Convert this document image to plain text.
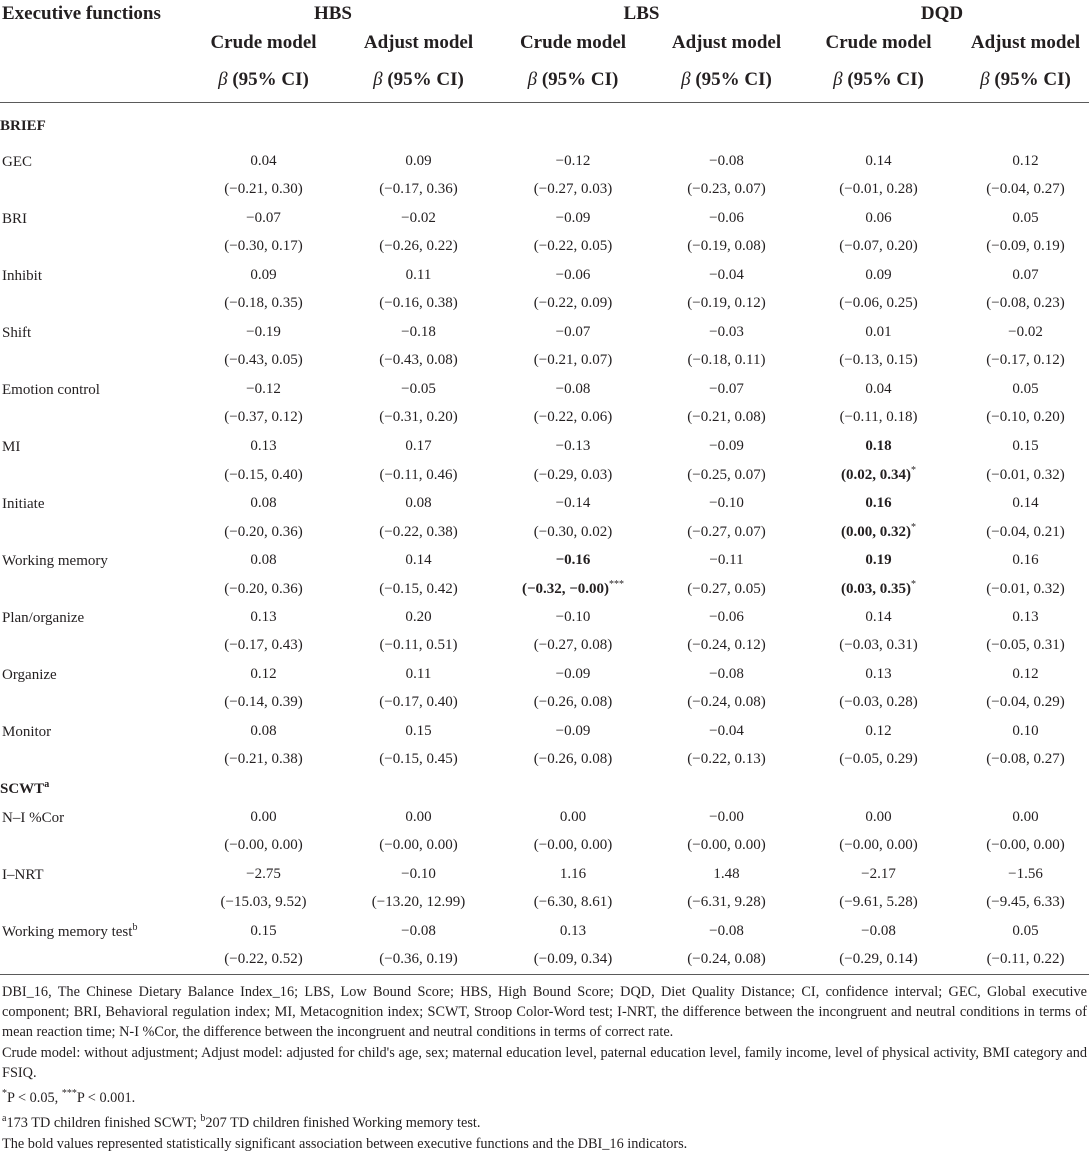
Executive functions	HBS		LBS		DQD	
	Crude model	Adjust model	Crude model	Adjust model	Crude model	Adjust model
	β (95% CI)	β (95% CI)	β (95% CI)	β (95% CI)	β (95% CI)	β (95% CI)
BRIEF						
GEC	0.04	0.09	−0.12	−0.08	0.14	0.12
	(−0.21, 0.30)	(−0.17, 0.36)	(−0.27, 0.03)	(−0.23, 0.07)	(−0.01, 0.28)	(−0.04, 0.27)
BRI	−0.07	−0.02	−0.09	−0.06	0.06	0.05
	(−0.30, 0.17)	(−0.26, 0.22)	(−0.22, 0.05)	(−0.19, 0.08)	(−0.07, 0.20)	(−0.09, 0.19)
Inhibit	0.09	0.11	−0.06	−0.04	0.09	0.07
	(−0.18, 0.35)	(−0.16, 0.38)	(−0.22, 0.09)	(−0.19, 0.12)	(−0.06, 0.25)	(−0.08, 0.23)
Shift	−0.19	−0.18	−0.07	−0.03	0.01	−0.02
	(−0.43, 0.05)	(−0.43, 0.08)	(−0.21, 0.07)	(−0.18, 0.11)	(−0.13, 0.15)	(−0.17, 0.12)
Emotion control	−0.12	−0.05	−0.08	−0.07	0.04	0.05
	(−0.37, 0.12)	(−0.31, 0.20)	(−0.22, 0.06)	(−0.21, 0.08)	(−0.11, 0.18)	(−0.10, 0.20)
MI	0.13	0.17	−0.13	−0.09	0.18	0.15
	(−0.15, 0.40)	(−0.11, 0.46)	(−0.29, 0.03)	(−0.25, 0.07)	(0.02, 0.34)*	(−0.01, 0.32)
Initiate	0.08	0.08	−0.14	−0.10	0.16	0.14
	(−0.20, 0.36)	(−0.22, 0.38)	(−0.30, 0.02)	(−0.27, 0.07)	(0.00, 0.32)*	(−0.04, 0.21)
Working memory	0.08	0.14	−0.16	−0.11	0.19	0.16
	(−0.20, 0.36)	(−0.15, 0.42)	(−0.32, −0.00)***	(−0.27, 0.05)	(0.03, 0.35)*	(−0.01, 0.32)
Plan/organize	0.13	0.20	−0.10	−0.06	0.14	0.13
	(−0.17, 0.43)	(−0.11, 0.51)	(−0.27, 0.08)	(−0.24, 0.12)	(−0.03, 0.31)	(−0.05, 0.31)
Organize	0.12	0.11	−0.09	−0.08	0.13	0.12
	(−0.14, 0.39)	(−0.17, 0.40)	(−0.26, 0.08)	(−0.24, 0.08)	(−0.03, 0.28)	(−0.04, 0.29)
Monitor	0.08	0.15	−0.09	−0.04	0.12	0.10
	(−0.21, 0.38)	(−0.15, 0.45)	(−0.26, 0.08)	(−0.22, 0.13)	(−0.05, 0.29)	(−0.08, 0.27)
SCWT$^a$
N–I %Cor	0.00	0.00	0.00	−0.00	0.00	0.00
	(−0.00, 0.00)	(−0.00, 0.00)	(−0.00, 0.00)	(−0.00, 0.00)	(−0.00, 0.00)	(−0.00, 0.00)
I–NRT	−2.75	−0.10	1.16	1.48	−2.17	−1.56
	(−15.03, 9.52)	(−13.20, 12.99)	(−6.30, 8.61)	(−6.31, 9.28)	(−9.61, 5.28)	(−9.45, 6.33)
Working memory test$^b$	0.15	−0.08	0.13	−0.08	−0.08	0.05
	(−0.22, 0.52)	(−0.36, 0.19)	(−0.09, 0.34)	(−0.24, 0.08)	(−0.29, 0.14)	(−0.11, 0.22)

DBI_16, The Chinese Dietary Balance Index_16; LBS, Low Bound Score; HBS, High Bound Score; DQD, Diet Quality Distance; CI, confidence interval; GEC, Global executive component; BRI, Behavioral regulation index; MI, Metacognition index; SCWT, Stroop Color-Word test; I-NRT, the difference between the incongruent and neutral conditions in terms of mean reaction time; N-I %Cor, the difference between the incongruent and neutral conditions in terms of correct rate.

Crude model: without adjustment; Adjust model: adjusted for child's age, sex; maternal education level, paternal education level, family income, level of physical activity, BMI category and FSIQ.

*P < 0.05, ***P < 0.001.

$^a$173 TD children finished SCWT; $^b$207 TD children finished Working memory test.

The bold values represented statistically significant association between executive functions and the DBI_16 indicators.
